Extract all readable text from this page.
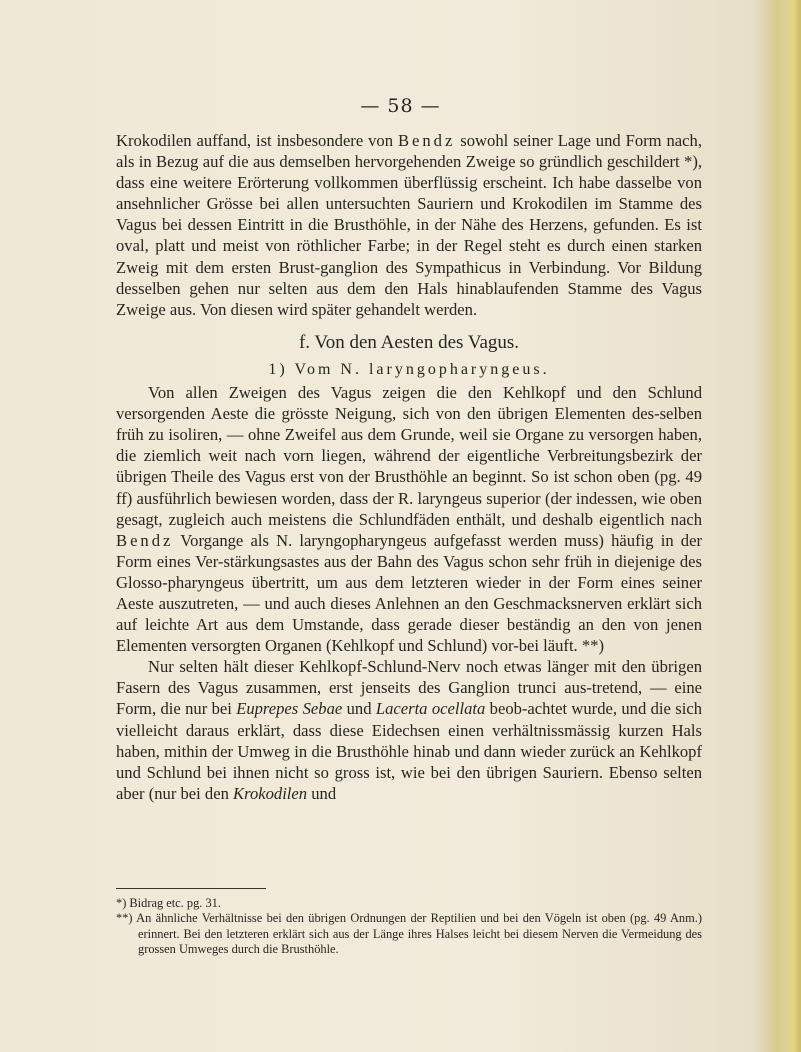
— 58 —

Krokodilen auffand, ist insbesondere von Bendz sowohl seiner Lage und Form nach, als in Bezug auf die aus demselben hervorgehenden Zweige so gründlich geschildert *), dass eine weitere Erörterung vollkommen überflüssig erscheint. Ich habe dasselbe von ansehnlicher Grösse bei allen untersuchten Sauriern und Krokodilen im Stamme des Vagus bei dessen Eintritt in die Brusthöhle, in der Nähe des Herzens, gefunden. Es ist oval, platt und meist von röthlicher Farbe; in der Regel steht es durch einen starken Zweig mit dem ersten Brust-ganglion des Sympathicus in Verbindung. Vor Bildung desselben gehen nur selten aus dem den Hals hinablaufenden Stamme des Vagus Zweige aus. Von diesen wird später gehandelt werden.

f. Von den Aesten des Vagus.
1) Vom N. laryngopharyngeus.

Von allen Zweigen des Vagus zeigen die den Kehlkopf und den Schlund versorgenden Aeste die grösste Neigung, sich von den übrigen Elementen des-selben früh zu isoliren, — ohne Zweifel aus dem Grunde, weil sie Organe zu versorgen haben, die ziemlich weit nach vorn liegen, während der eigentliche Verbreitungsbezirk der übrigen Theile des Vagus erst von der Brusthöhle an beginnt. So ist schon oben (pg. 49 ff) ausführlich bewiesen worden, dass der R. laryngeus superior (der indessen, wie oben gesagt, zugleich auch meistens die Schlundfäden enthält, und deshalb eigentlich nach Bendz Vorgange als N. laryngopharyngeus aufgefasst werden muss) häufig in der Form eines Ver-stärkungsastes aus der Bahn des Vagus schon sehr früh in diejenige des Glosso-pharyngeus übertritt, um aus dem letzteren wieder in der Form eines seiner Aeste auszutreten, — und auch dieses Anlehnen an den Geschmacksnerven erklärt sich auf leichte Art aus dem Umstande, dass gerade dieser beständig an den von jenen Elementen versorgten Organen (Kehlkopf und Schlund) vor-bei läuft. **)

Nur selten hält dieser Kehlkopf-Schlund-Nerv noch etwas länger mit den übrigen Fasern des Vagus zusammen, erst jenseits des Ganglion trunci aus-tretend, — eine Form, die nur bei Euprepes Sebae und Lacerta ocellata beob-achtet wurde, und die sich vielleicht daraus erklärt, dass diese Eidechsen einen verhältnissmässig kurzen Hals haben, mithin der Umweg in die Brusthöhle hinab und dann wieder zurück an Kehlkopf und Schlund bei ihnen nicht so gross ist, wie bei den übrigen Sauriern. Ebenso selten aber (nur bei den Krokodilen und

*) Bidrag etc. pg. 31.

**) An ähnliche Verhältnisse bei den übrigen Ordnungen der Reptilien und bei den Vögeln ist oben (pg. 49 Anm.) erinnert. Bei den letzteren erklärt sich aus der Länge ihres Halses leicht bei diesem Nerven die Vermeidung des grossen Umweges durch die Brusthöhle.
